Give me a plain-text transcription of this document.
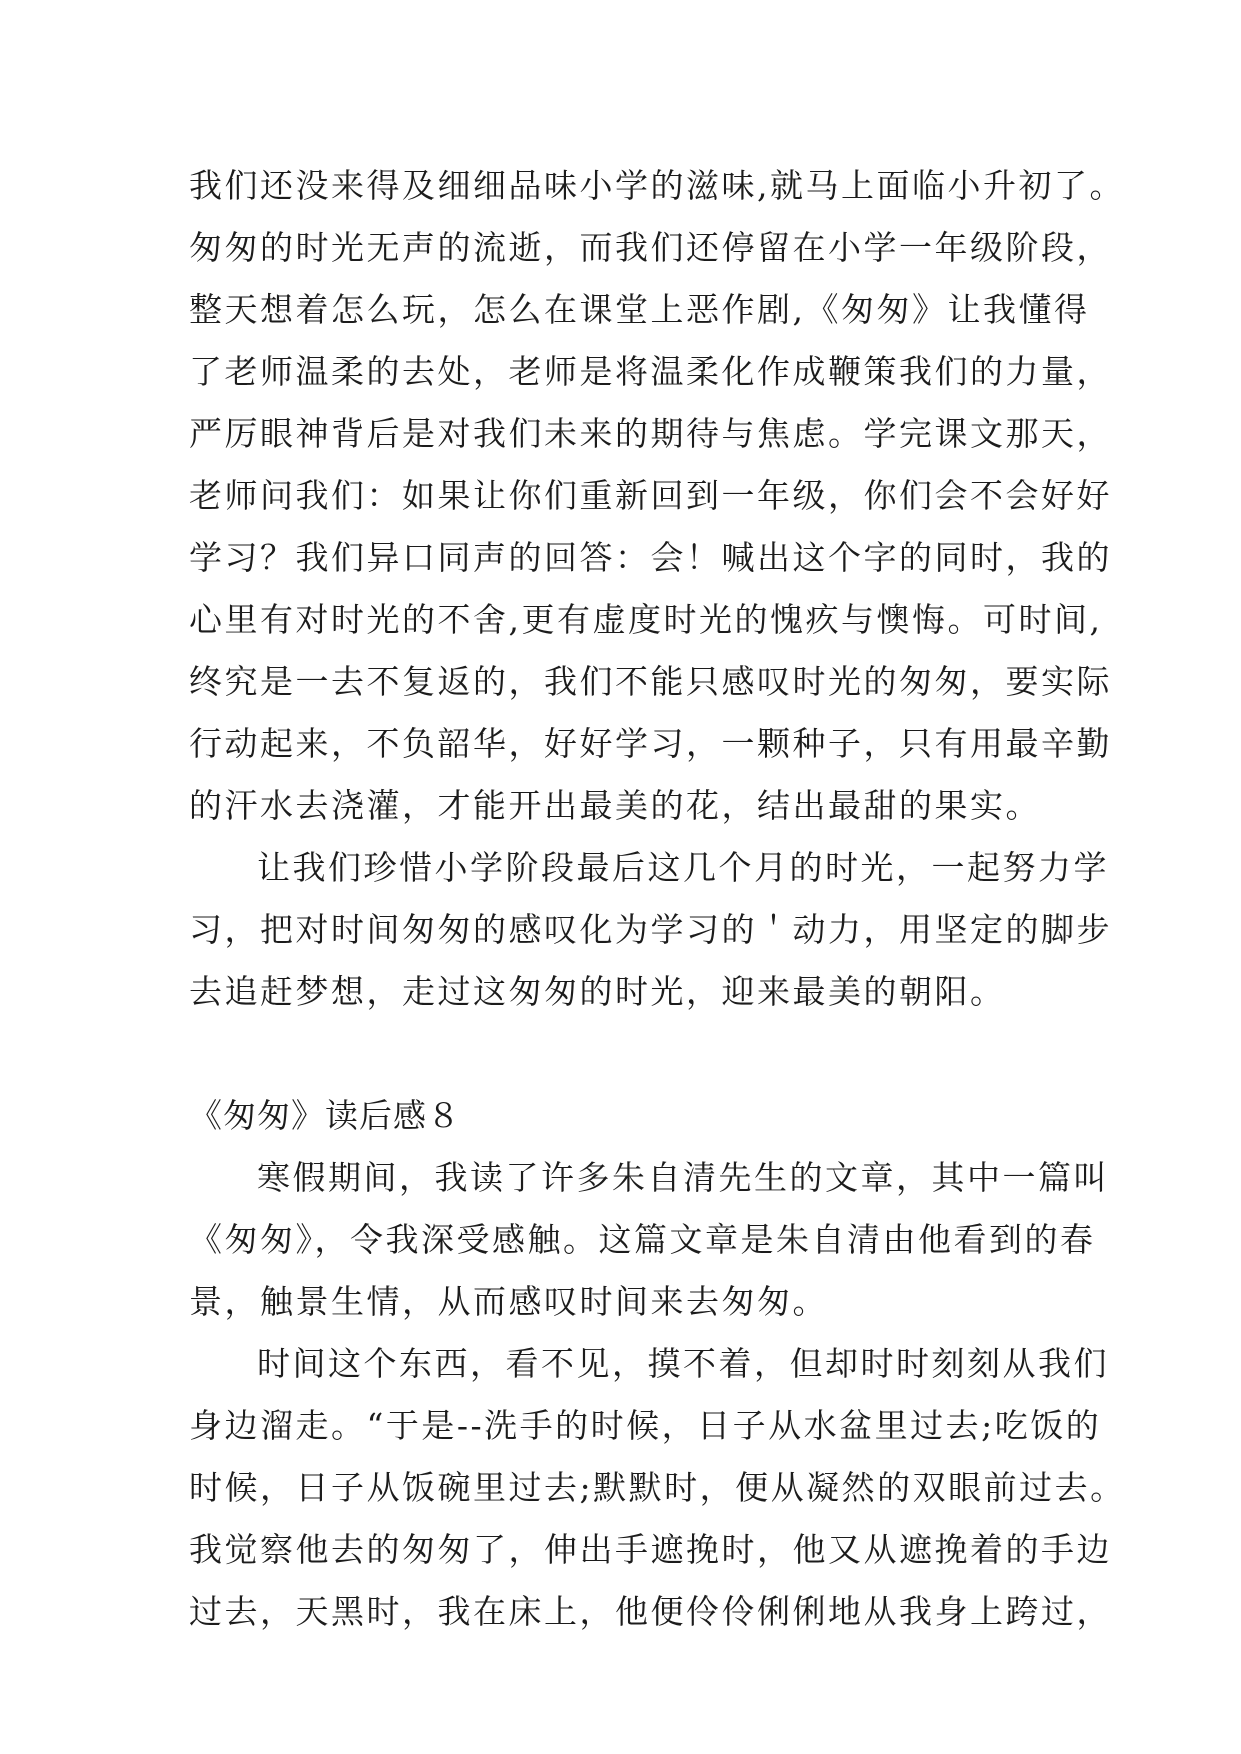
我们还没来得及细细品味小学的滋味,就马上面临小升初了。
匆匆的时光无声的流逝，而我们还停留在小学一年级阶段，
整天想着怎么玩，怎么在课堂上恶作剧,《匆匆》让我懂得
了老师温柔的去处，老师是将温柔化作成鞭策我们的力量，
严厉眼神背后是对我们未来的期待与焦虑。学完课文那天，
老师问我们：如果让你们重新回到一年级，你们会不会好好
学习？我们异口同声的回答：会！喊出这个字的同时，我的
心里有对时光的不舍,更有虚度时光的愧疚与懊悔。可时间,
终究是一去不复返的，我们不能只感叹时光的匆匆，要实际
行动起来，不负韶华，好好学习，一颗种子，只有用最辛勤
的汗水去浇灌，才能开出最美的花，结出最甜的果实。
让我们珍惜小学阶段最后这几个月的时光，一起努力学
习，把对时间匆匆的感叹化为学习的＇动力，用坚定的脚步
去追赶梦想，走过这匆匆的时光，迎来最美的朝阳。
《匆匆》读后感８
寒假期间，我读了许多朱自清先生的文章，其中一篇叫
《匆匆》，令我深受感触。这篇文章是朱自清由他看到的春
景，触景生情，从而感叹时间来去匆匆。
时间这个东西，看不见，摸不着，但却时时刻刻从我们
身边溜走。“于是--洗手的时候，日子从水盆里过去;吃饭的
时候，日子从饭碗里过去;默默时，便从凝然的双眼前过去。
我觉察他去的匆匆了，伸出手遮挽时，他又从遮挽着的手边
过去，天黑时，我在床上，他便伶伶俐俐地从我身上跨过，
